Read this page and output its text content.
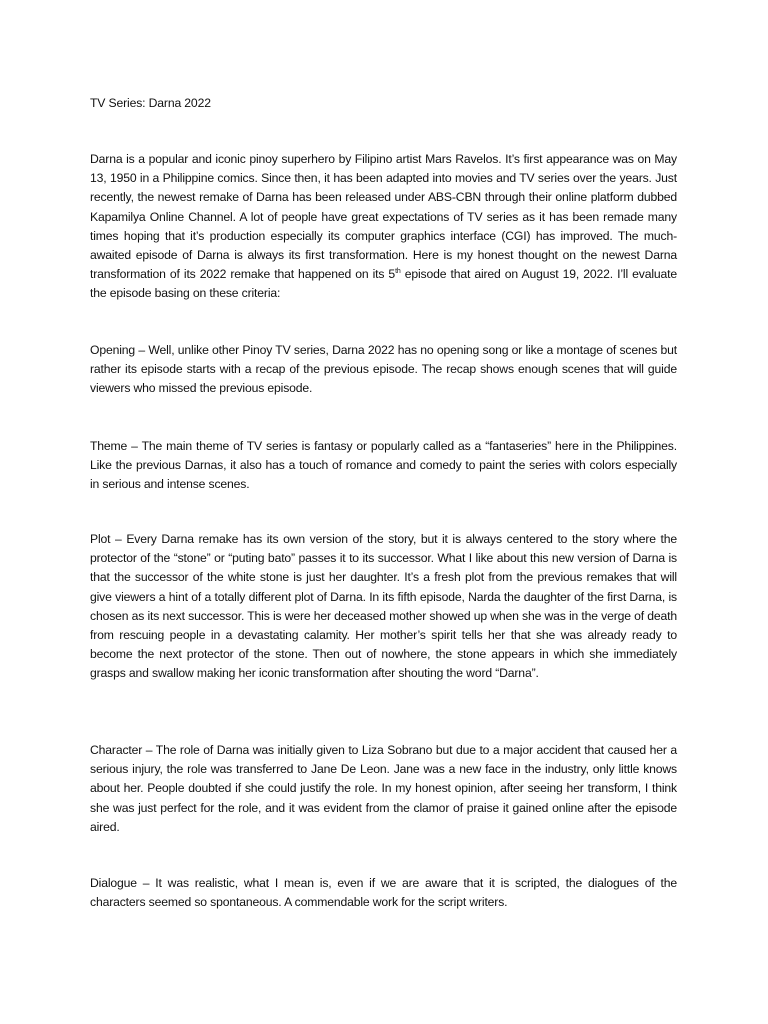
TV Series: Darna 2022

Darna is a popular and iconic pinoy superhero by Filipino artist Mars Ravelos. It’s first appearance was on May 13, 1950 in a Philippine comics. Since then, it has been adapted into movies and TV series over the years. Just recently, the newest remake of Darna has been released under ABS-CBN through their online platform dubbed Kapamilya Online Channel. A lot of people have great expectations of TV series as it has been remade many times hoping that it’s production especially its computer graphics interface (CGI) has improved. The much-awaited episode of Darna is always its first transformation. Here is my honest thought on the newest Darna transformation of its 2022 remake that happened on its 5th episode that aired on August 19, 2022. I’ll evaluate the episode basing on these criteria:

Opening – Well, unlike other Pinoy TV series, Darna 2022 has no opening song or like a montage of scenes but rather its episode starts with a recap of the previous episode. The recap shows enough scenes that will guide viewers who missed the previous episode.

Theme – The main theme of TV series is fantasy or popularly called as a “fantaseries” here in the Philippines. Like the previous Darnas, it also has a touch of romance and comedy to paint the series with colors especially in serious and intense scenes.

Plot – Every Darna remake has its own version of the story, but it is always centered to the story where the protector of the “stone” or “puting bato” passes it to its successor. What I like about this new version of Darna is that the successor of the white stone is just her daughter. It’s a fresh plot from the previous remakes that will give viewers a hint of a totally different plot of Darna. In its fifth episode, Narda the daughter of the first Darna, is chosen as its next successor. This is were her deceased mother showed up when she was in the verge of death from rescuing people in a devastating calamity. Her mother’s spirit tells her that she was already ready to become the next protector of the stone. Then out of nowhere, the stone appears in which she immediately grasps and swallow making her iconic transformation after shouting the word “Darna”.

Character – The role of Darna was initially given to Liza Sobrano but due to a major accident that caused her a serious injury, the role was transferred to Jane De Leon. Jane was a new face in the industry, only little knows about her. People doubted if she could justify the role. In my honest opinion, after seeing her transform, I think she was just perfect for the role, and it was evident from the clamor of praise it gained online after the episode aired.

Dialogue – It was realistic, what I mean is, even if we are aware that it is scripted, the dialogues of the characters seemed so spontaneous. A commendable work for the script writers.
